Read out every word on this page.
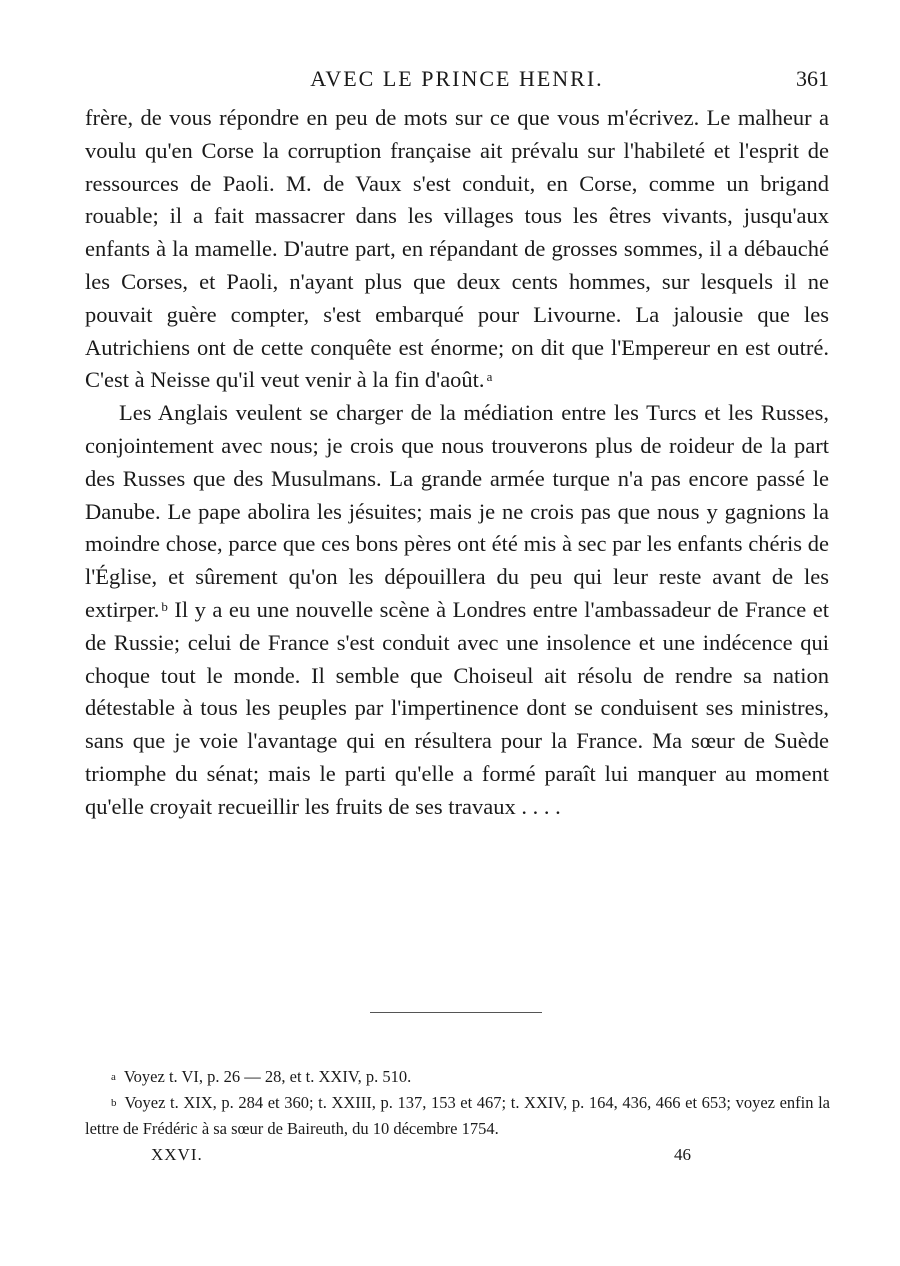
AVEC LE PRINCE HENRI.	361

frère, de vous répondre en peu de mots sur ce que vous m'écrivez. Le malheur a voulu qu'en Corse la corruption française ait prévalu sur l'habileté et l'esprit de ressources de Paoli. M. de Vaux s'est conduit, en Corse, comme un brigand rouable; il a fait massacrer dans les villages tous les êtres vivants, jusqu'aux enfants à la mamelle. D'autre part, en répandant de grosses sommes, il a débauché les Corses, et Paoli, n'ayant plus que deux cents hommes, sur lesquels il ne pouvait guère compter, s'est embarqué pour Livourne. La jalousie que les Autrichiens ont de cette conquête est énorme; on dit que l'Empereur en est outré. C'est à Neisse qu'il veut venir à la fin d'août. $^a$

Les Anglais veulent se charger de la médiation entre les Turcs et les Russes, conjointement avec nous; je crois que nous trouverons plus de roideur de la part des Russes que des Musulmans. La grande armée turque n'a pas encore passé le Danube. Le pape abolira les jésuites; mais je ne crois pas que nous y gagnions la moindre chose, parce que ces bons pères ont été mis à sec par les enfants chéris de l'Église, et sûrement qu'on les dépouillera du peu qui leur reste avant de les extirper. $^b$ Il y a eu une nouvelle scène à Londres entre l'ambassadeur de France et de Russie; celui de France s'est conduit avec une insolence et une indécence qui choque tout le monde. Il semble que Choiseul ait résolu de rendre sa nation détestable à tous les peuples par l'impertinence dont se conduisent ses ministres, sans que je voie l'avantage qui en résultera pour la France. Ma sœur de Suède triomphe du sénat; mais le parti qu'elle a formé paraît lui manquer au moment qu'elle croyait recueillir les fruits de ses travaux . . . .

a Voyez t. VI, p. 26 — 28, et t. XXIV, p. 510.

b Voyez t. XIX, p. 284 et 360; t. XXIII, p. 137, 153 et 467; t. XXIV, p. 164, 436, 466 et 653; voyez enfin la lettre de Frédéric à sa sœur de Baireuth, du 10 décembre 1754.

XXVI.	46
